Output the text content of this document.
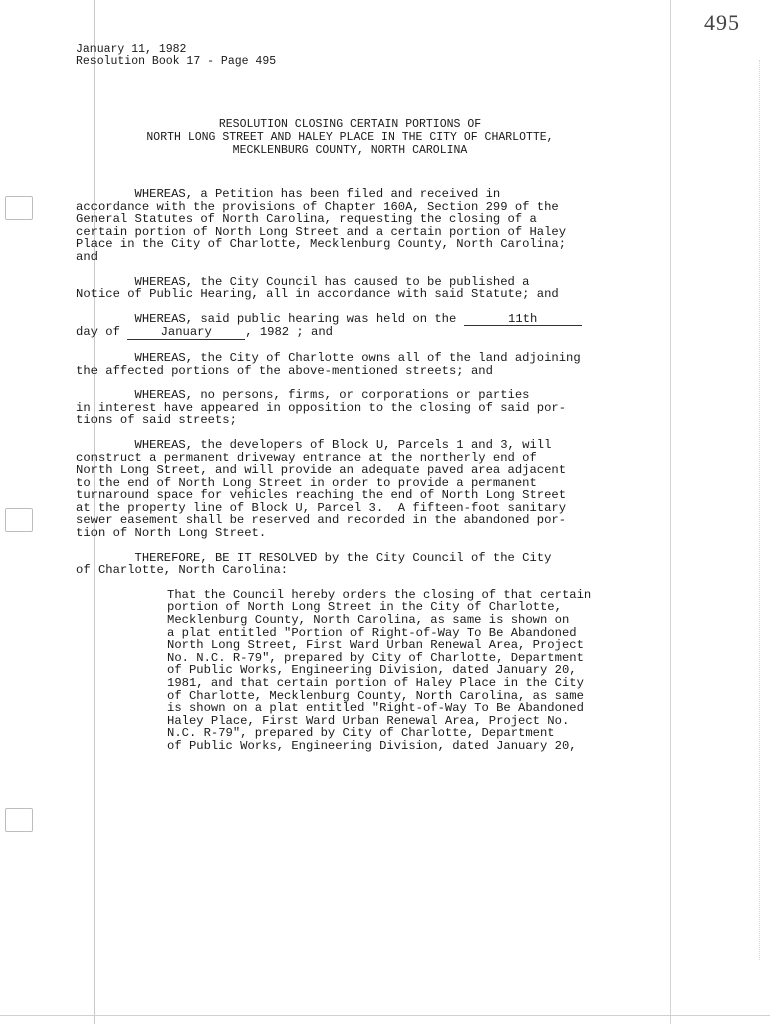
495
January 11, 1982
Resolution Book 17 - Page 495
RESOLUTION CLOSING CERTAIN PORTIONS OF
NORTH LONG STREET AND HALEY PLACE IN THE CITY OF CHARLOTTE,
MECKLENBURG COUNTY, NORTH CAROLINA

WHEREAS, a Petition has been filed and received in

accordance with the provisions of Chapter 160A, Section 299 of the

General Statutes of North Carolina, requesting the closing of a

certain portion of North Long Street and a certain portion of Haley

Place in the City of Charlotte, Mecklenburg County, North Carolina;

and

WHEREAS, the City Council has caused to be published a

Notice of Public Hearing, all in accordance with said Statute; and

WHEREAS, said public hearing was held on the	11th

day of	January	, 1982 ; and

WHEREAS, the City of Charlotte owns all of the land adjoining

the affected portions of the above-mentioned streets; and

WHEREAS, no persons, firms, or corporations or parties

in interest have appeared in opposition to the closing of said por-

tions of said streets;

WHEREAS, the developers of Block U, Parcels 1 and 3, will

construct a permanent driveway entrance at the northerly end of

North Long Street, and will provide an adequate paved area adjacent

to the end of North Long Street in order to provide a permanent

turnaround space for vehicles reaching the end of North Long Street

at the property line of Block U, Parcel 3.  A fifteen-foot sanitary

sewer easement shall be reserved and recorded in the abandoned por-

tion of North Long Street.

THEREFORE, BE IT RESOLVED by the City Council of the City

of Charlotte, North Carolina:

That the Council hereby orders the closing of that certain

portion of North Long Street in the City of Charlotte,

Mecklenburg County, North Carolina, as same is shown on

a plat entitled "Portion of Right-of-Way To Be Abandoned

North Long Street, First Ward Urban Renewal Area, Project

No. N.C. R-79", prepared by City of Charlotte, Department

of Public Works, Engineering Division, dated January 20,

1981, and that certain portion of Haley Place in the City

of Charlotte, Mecklenburg County, North Carolina, as same

is shown on a plat entitled "Right-of-Way To Be Abandoned

Haley Place, First Ward Urban Renewal Area, Project No.

N.C. R-79", prepared by City of Charlotte, Department

of Public Works, Engineering Division, dated January 20,
